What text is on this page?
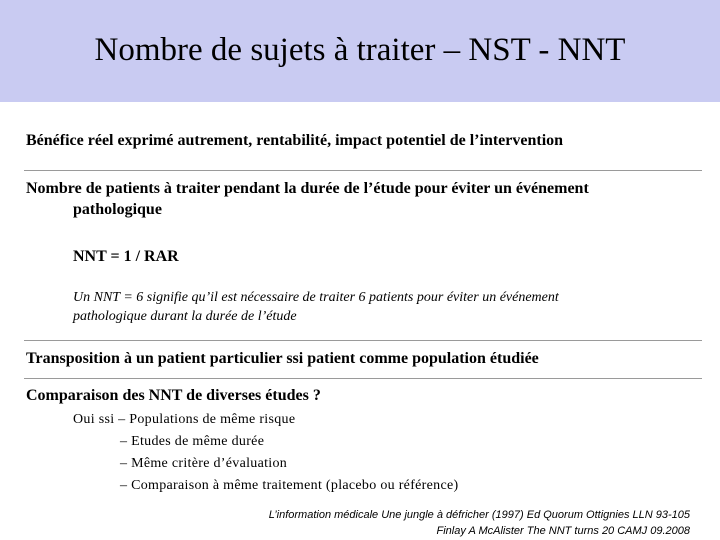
Nombre de sujets à traiter – NST - NNT
Bénéfice réel exprimé autrement, rentabilité, impact potentiel de l’intervention
Nombre de patients à traiter pendant la durée de l’étude pour éviter un événement
pathologique
NNT = 1 / RAR
Un NNT = 6 signifie qu’il est nécessaire de traiter 6 patients pour éviter un événement
pathologique durant la durée de l’étude
Transposition à un patient particulier ssi patient comme population étudiée
Comparaison des NNT de diverses études ?
Oui ssi – Populations de même risque
– Etudes de même durée
– Même critère d’évaluation
– Comparaison à même traitement (placebo ou référence)
L’information médicale Une jungle à défricher (1997) Ed Quorum Ottignies LLN 93-105
Finlay A McAlister The NNT turns 20 CAMJ 09.2008
